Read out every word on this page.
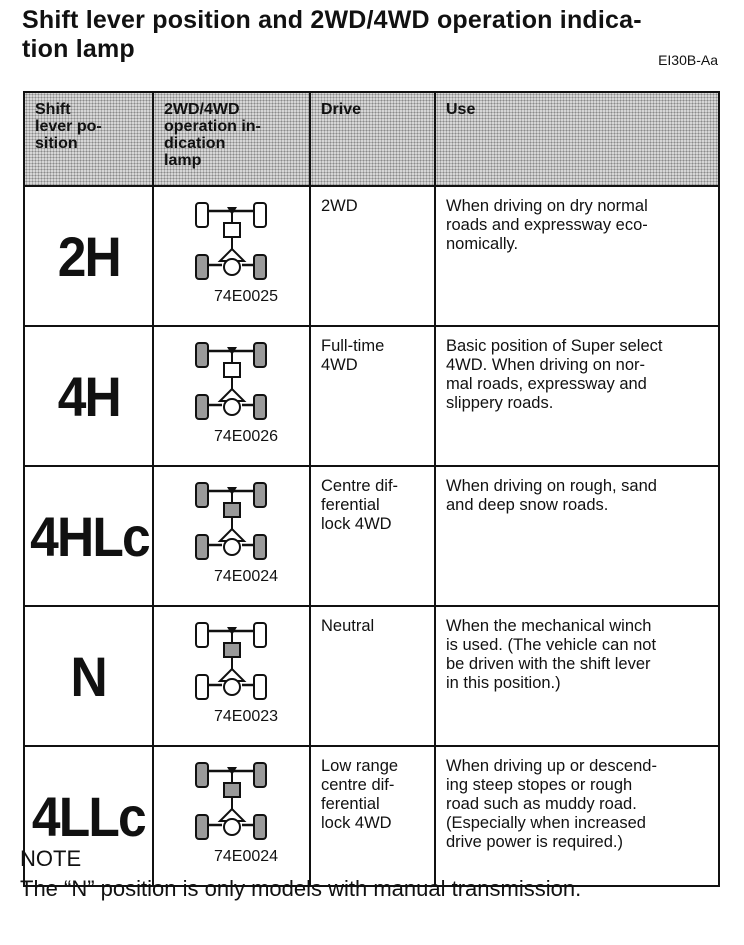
Shift lever position and 2WD/4WD operation indica-
tion lamp	EI30B-Aa
Shift
lever po-
sition	2WD/4WD
operation in-
dication
lamp	Drive	Use
2H	74E0025	2WD	When driving on dry normal
roads and expressway eco-
nomically.
4H	74E0026	Full-time
4WD	Basic position of Super select
4WD. When driving on nor-
mal roads, expressway and
slippery roads.
4HLc	74E0024	Centre dif-
ferential
lock 4WD	When driving on rough, sand
and deep snow roads.
N	74E0023	Neutral	When the mechanical winch
is used. (The vehicle can not
be driven with the shift lever
in this position.)
4LLc	74E0024	Low range
centre dif-
ferential
lock 4WD	When driving up or descend-
ing steep stopes or rough
road such as muddy road.
(Especially when increased
drive power is required.)
NOTE
The “N” position is only models with manual transmission.
